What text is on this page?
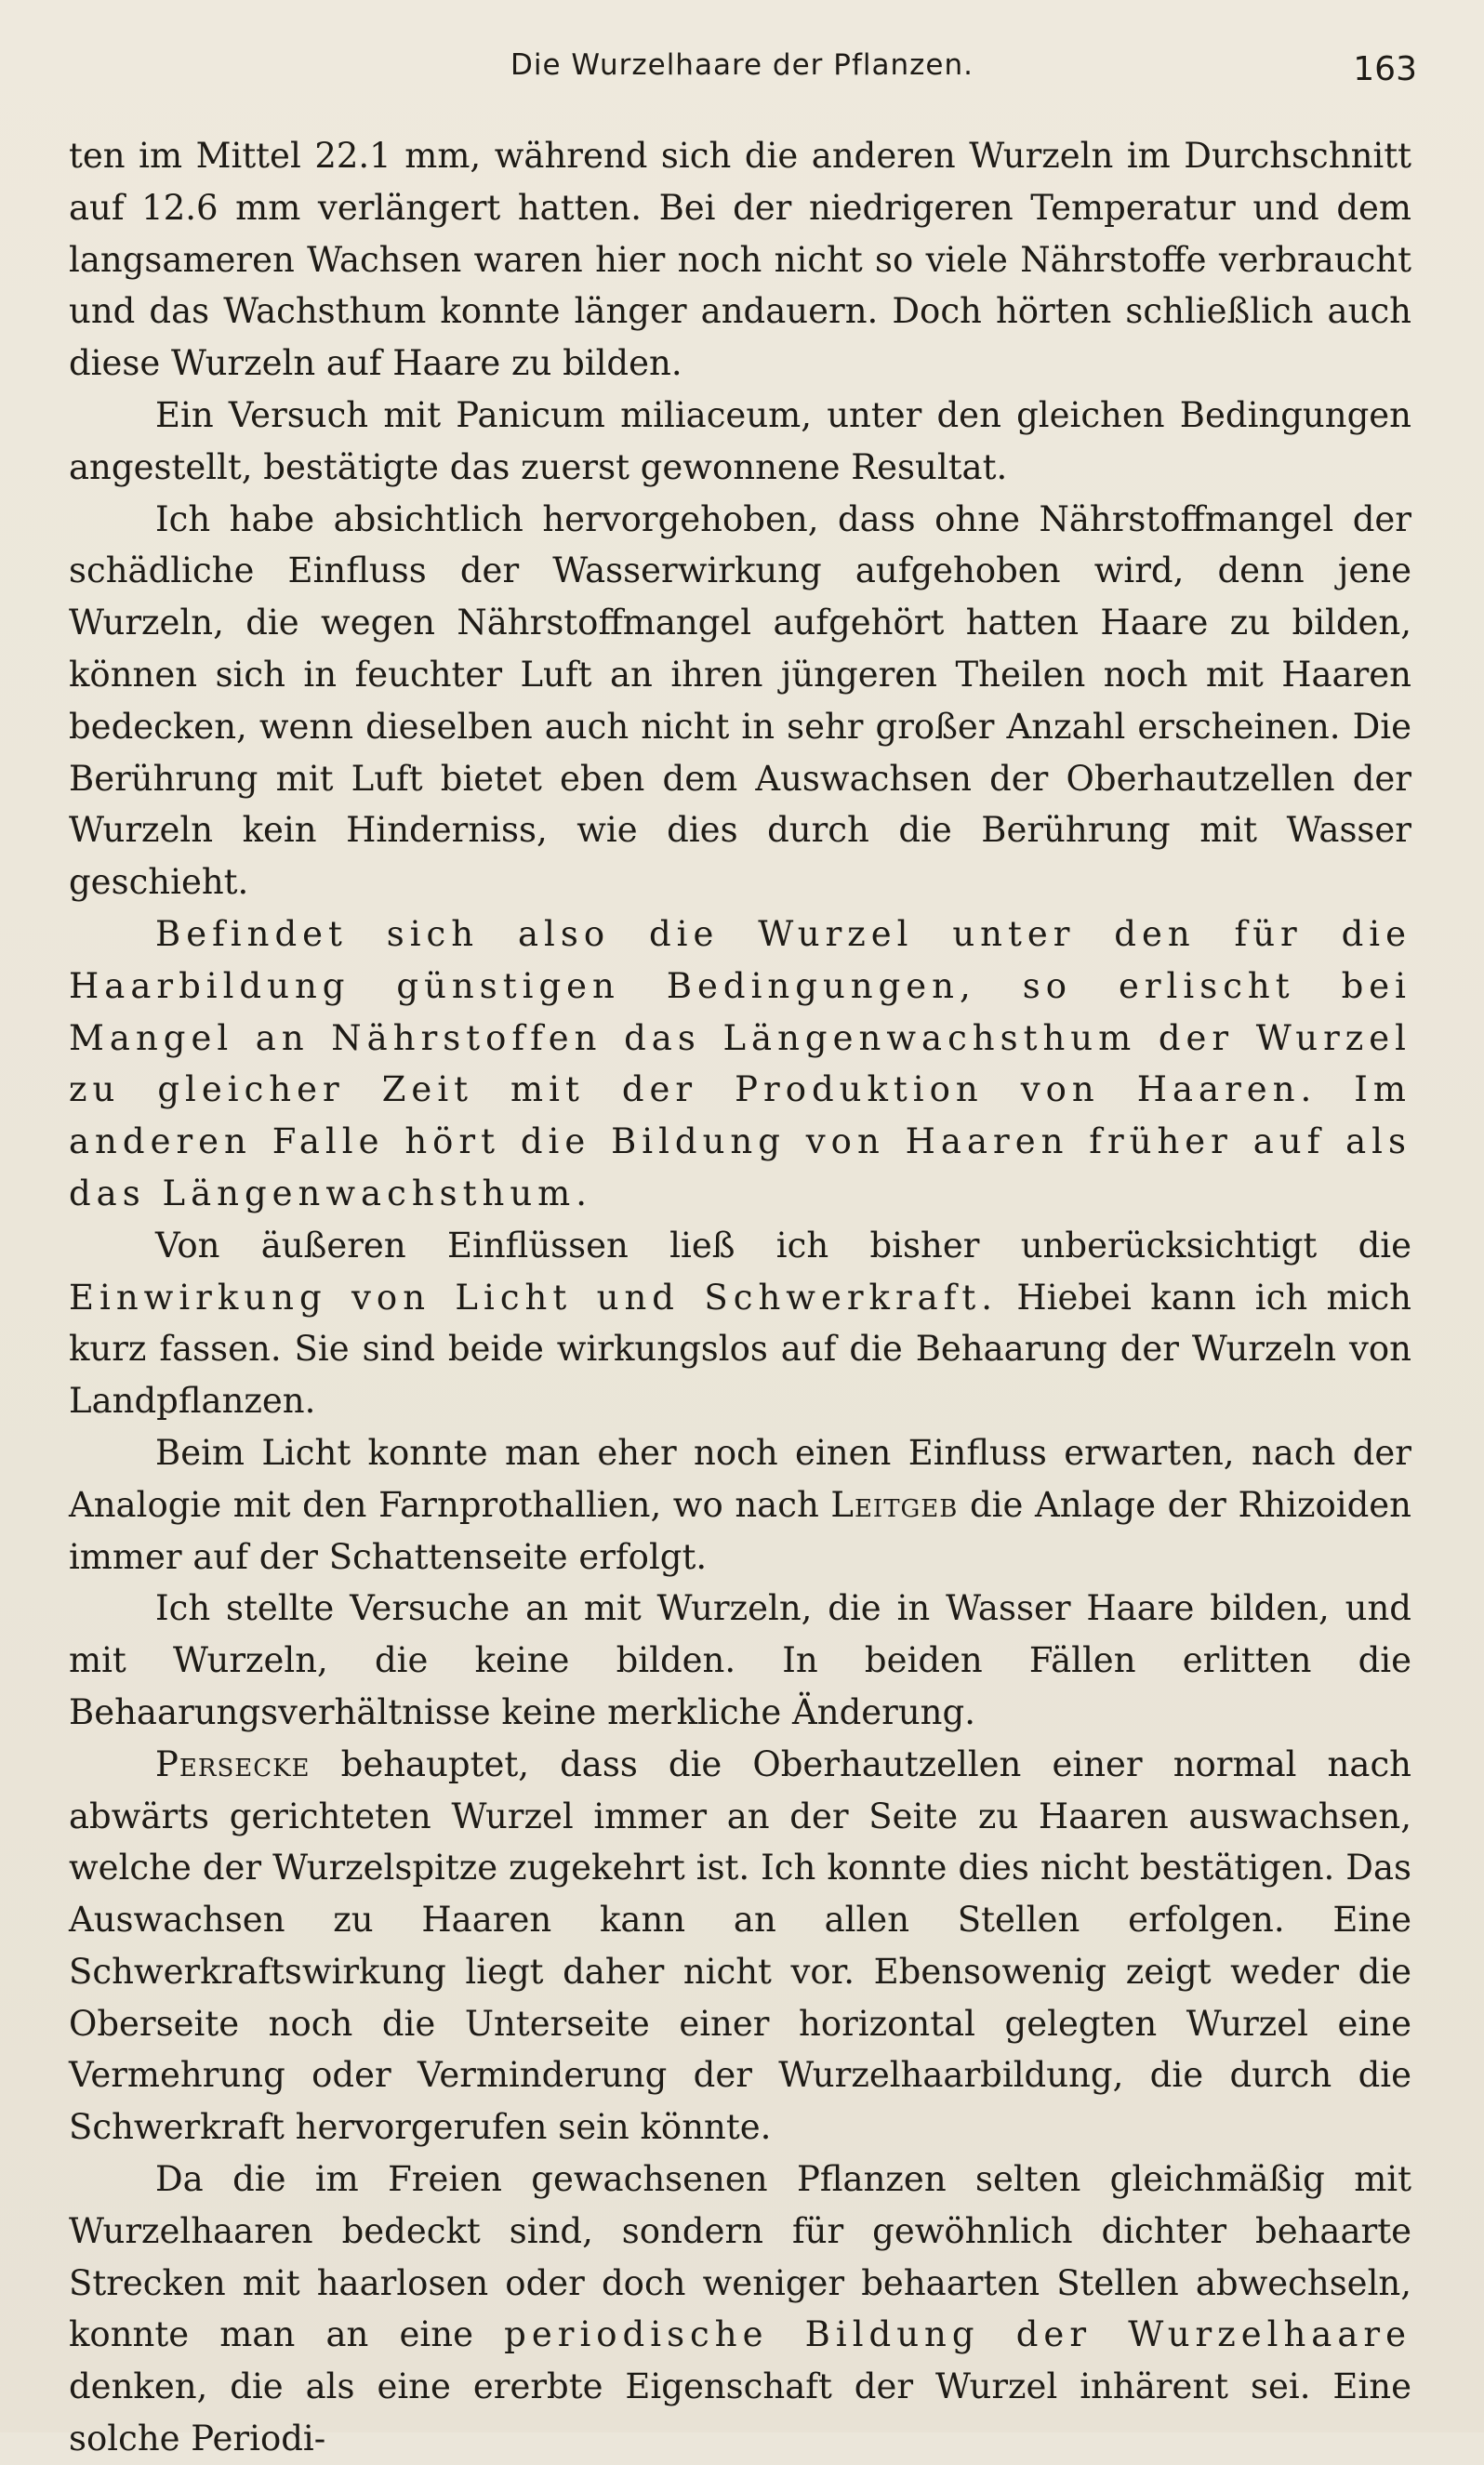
Die Wurzelhaare der Pflanzen.	163

ten im Mittel 22.1 mm, während sich die anderen Wurzeln im Durchschnitt auf 12.6 mm verlängert hatten. Bei der niedrigeren Temperatur und dem langsameren Wachsen waren hier noch nicht so viele Nährstoffe verbraucht und das Wachsthum konnte länger andauern. Doch hörten schließlich auch diese Wurzeln auf Haare zu bilden.

Ein Versuch mit Panicum miliaceum, unter den gleichen Bedingungen angestellt, bestätigte das zuerst gewonnene Resultat.

Ich habe absichtlich hervorgehoben, dass ohne Nährstoffmangel der schädliche Einfluss der Wasserwirkung aufgehoben wird, denn jene Wurzeln, die wegen Nährstoffmangel aufgehört hatten Haare zu bilden, können sich in feuchter Luft an ihren jüngeren Theilen noch mit Haaren bedecken, wenn dieselben auch nicht in sehr großer Anzahl erscheinen. Die Berührung mit Luft bietet eben dem Auswachsen der Oberhautzellen der Wurzeln kein Hinderniss, wie dies durch die Berührung mit Wasser geschieht.

Befindet sich also die Wurzel unter den für die Haarbildung günstigen Bedingungen, so erlischt bei Mangel an Nährstoffen das Längenwachsthum der Wurzel zu gleicher Zeit mit der Produktion von Haaren. Im anderen Falle hört die Bildung von Haaren früher auf als das Längenwachsthum.

Von äußeren Einflüssen ließ ich bisher unberücksichtigt die Einwirkung von Licht und Schwerkraft. Hiebei kann ich mich kurz fassen. Sie sind beide wirkungslos auf die Behaarung der Wurzeln von Landpflanzen.

Beim Licht konnte man eher noch einen Einfluss erwarten, nach der Analogie mit den Farnprothallien, wo nach Leitgeb die Anlage der Rhizoiden immer auf der Schattenseite erfolgt.

Ich stellte Versuche an mit Wurzeln, die in Wasser Haare bilden, und mit Wurzeln, die keine bilden. In beiden Fällen erlitten die Behaarungsverhältnisse keine merkliche Änderung.

Persecke behauptet, dass die Oberhautzellen einer normal nach abwärts gerichteten Wurzel immer an der Seite zu Haaren auswachsen, welche der Wurzelspitze zugekehrt ist. Ich konnte dies nicht bestätigen. Das Auswachsen zu Haaren kann an allen Stellen erfolgen. Eine Schwerkraftswirkung liegt daher nicht vor. Ebensowenig zeigt weder die Oberseite noch die Unterseite einer horizontal gelegten Wurzel eine Vermehrung oder Verminderung der Wurzelhaarbildung, die durch die Schwerkraft hervorgerufen sein könnte.

Da die im Freien gewachsenen Pflanzen selten gleichmäßig mit Wurzelhaaren bedeckt sind, sondern für gewöhnlich dichter behaarte Strecken mit haarlosen oder doch weniger behaarten Stellen abwechseln, konnte man an eine periodische Bildung der Wurzelhaare denken, die als eine ererbte Eigenschaft der Wurzel inhärent sei. Eine solche Periodi-
